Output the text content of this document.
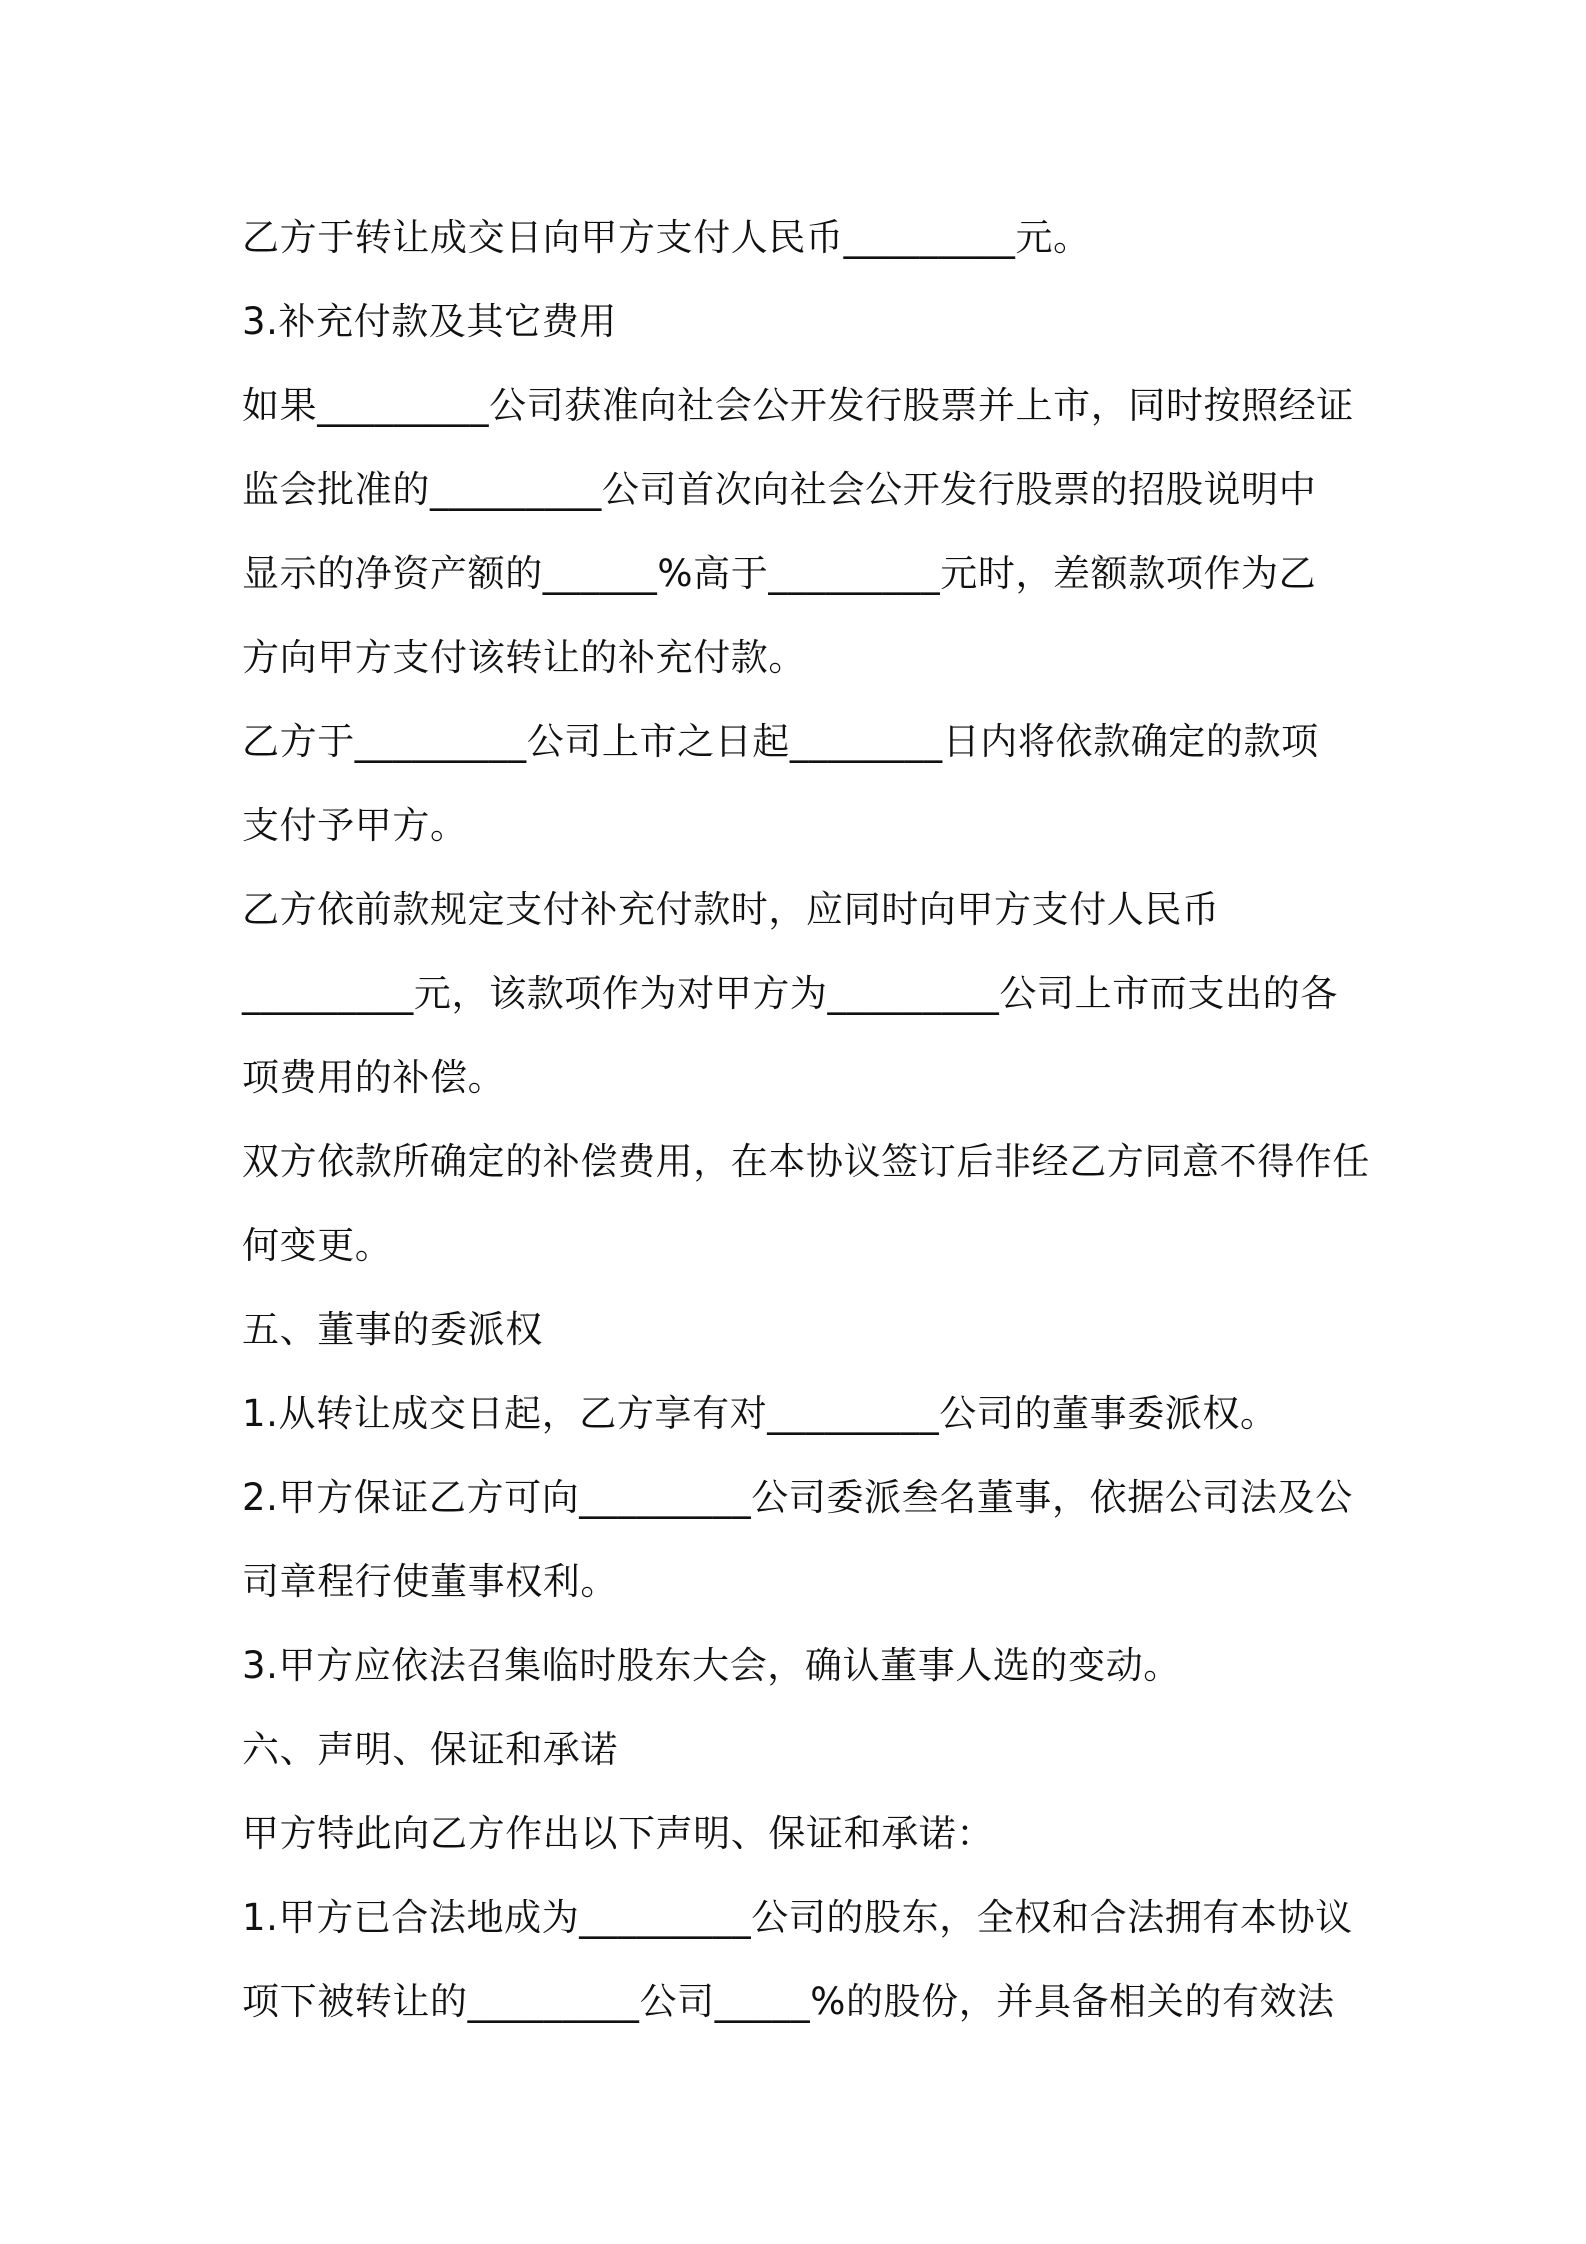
乙方于转让成交日向甲方支付人民币_________元。
3.补充付款及其它费用
如果_________公司获准向社会公开发行股票并上市，同时按照经证
监会批准的_________公司首次向社会公开发行股票的招股说明中
显示的净资产额的______%高于_________元时，差额款项作为乙
方向甲方支付该转让的补充付款。
乙方于_________公司上市之日起________日内将依款确定的款项
支付予甲方。
乙方依前款规定支付补充付款时，应同时向甲方支付人民币
_________元，该款项作为对甲方为_________公司上市而支出的各
项费用的补偿。
双方依款所确定的补偿费用，在本协议签订后非经乙方同意不得作任
何变更。
五、董事的委派权
1.从转让成交日起，乙方享有对_________公司的董事委派权。
2.甲方保证乙方可向_________公司委派叁名董事，依据公司法及公
司章程行使董事权利。
3.甲方应依法召集临时股东大会，确认董事人选的变动。
六、声明、保证和承诺
甲方特此向乙方作出以下声明、保证和承诺：
1.甲方已合法地成为_________公司的股东，全权和合法拥有本协议
项下被转让的_________公司_____%的股份，并具备相关的有效法
